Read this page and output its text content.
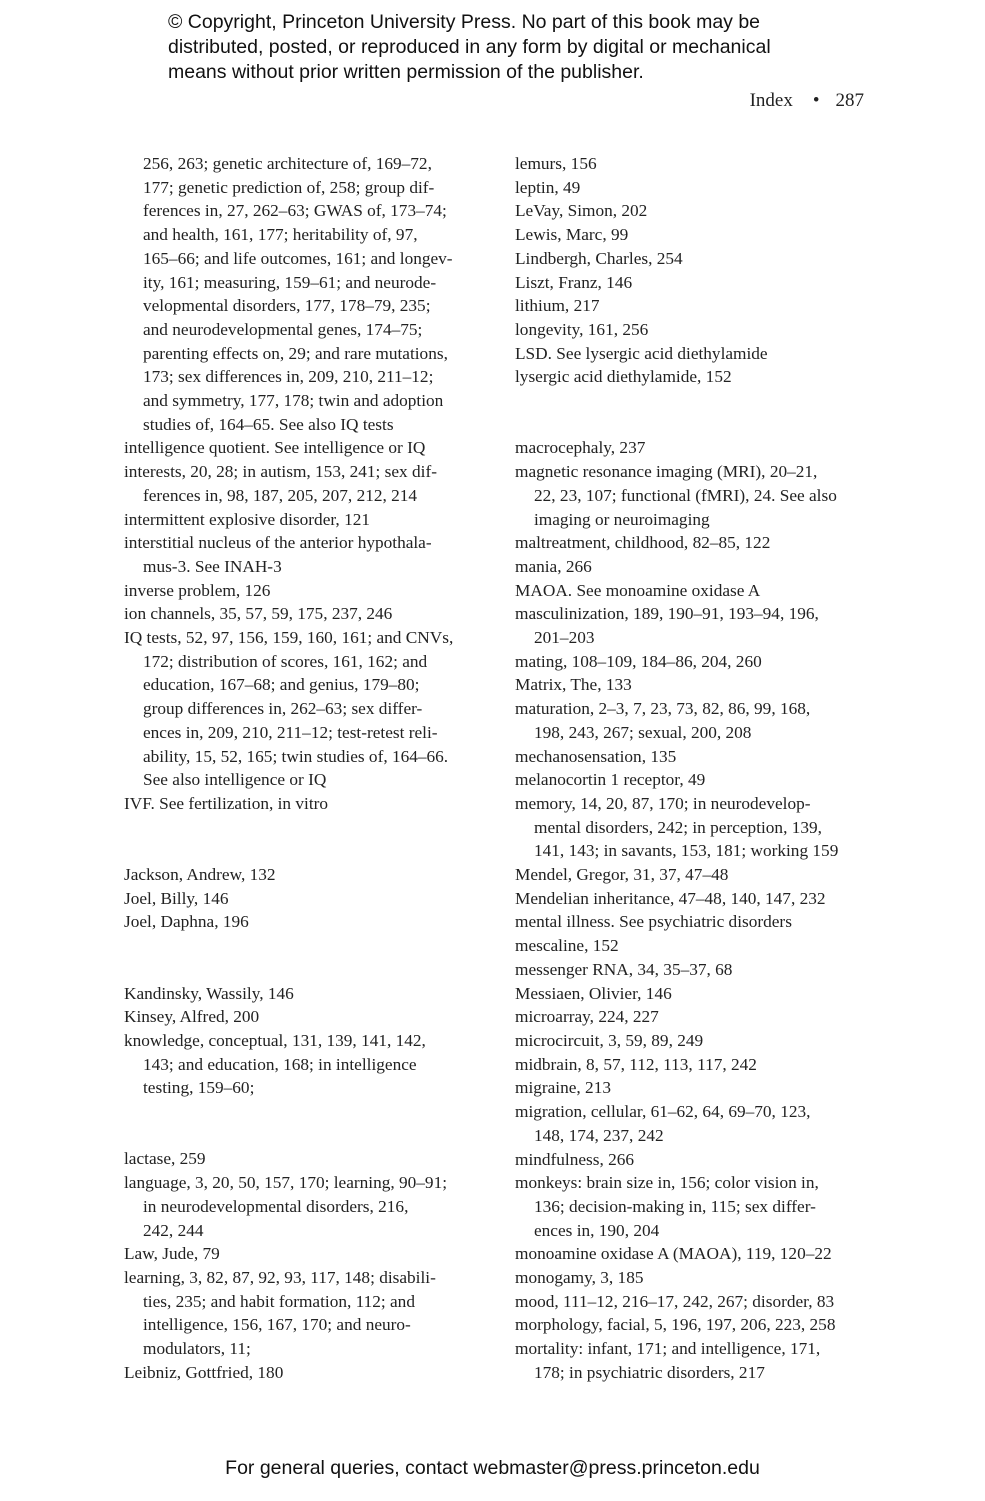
© Copyright, Princeton University Press. No part of this book may be
distributed, posted, or reproduced in any form by digital or mechanical
means without prior written permission of the publisher.
Index • 287
256, 263; genetic architecture of, 169–72,
177; genetic prediction of, 258; group dif-
ferences in, 27, 262–63; GWAS of, 173–74;
and health, 161, 177; heritability of, 97,
165–66; and life outcomes, 161; and longev-
ity, 161; measuring, 159–61; and neurode-
velopmental disorders, 177, 178–79, 235;
and neurodevelopmental genes, 174–75;
parenting effects on, 29; and rare mutations,
173; sex differences in, 209, 210, 211–12;
and symmetry, 177, 178; twin and adoption
studies of, 164–65. See also IQ tests
intelligence quotient. See intelligence or IQ
interests, 20, 28; in autism, 153, 241; sex dif-
ferences in, 98, 187, 205, 207, 212, 214
intermittent explosive disorder, 121
interstitial nucleus of the anterior hypothala-
mus-3. See INAH-3
inverse problem, 126
ion channels, 35, 57, 59, 175, 237, 246
IQ tests, 52, 97, 156, 159, 160, 161; and CNVs,
172; distribution of scores, 161, 162; and
education, 167–68; and genius, 179–80;
group differences in, 262–63; sex differ-
ences in, 209, 210, 211–12; test-retest reli-
ability, 15, 52, 165; twin studies of, 164–66.
See also intelligence or IQ
IVF. See fertilization, in vitro
Jackson, Andrew, 132
Joel, Billy, 146
Joel, Daphna, 196
Kandinsky, Wassily, 146
Kinsey, Alfred, 200
knowledge, conceptual, 131, 139, 141, 142,
143; and education, 168; in intelligence
testing, 159–60;
lactase, 259
language, 3, 20, 50, 157, 170; learning, 90–91;
in neurodevelopmental disorders, 216,
242, 244
Law, Jude, 79
learning, 3, 82, 87, 92, 93, 117, 148; disabili-
ties, 235; and habit formation, 112; and
intelligence, 156, 167, 170; and neuro-
modulators, 11;
Leibniz, Gottfried, 180
lemurs, 156
leptin, 49
LeVay, Simon, 202
Lewis, Marc, 99
Lindbergh, Charles, 254
Liszt, Franz, 146
lithium, 217
longevity, 161, 256
LSD. See lysergic acid diethylamide
lysergic acid diethylamide, 152
macrocephaly, 237
magnetic resonance imaging (MRI), 20–21,
22, 23, 107; functional (fMRI), 24. See also
imaging or neuroimaging
maltreatment, childhood, 82–85, 122
mania, 266
MAOA. See monoamine oxidase A
masculinization, 189, 190–91, 193–94, 196,
201–203
mating, 108–109, 184–86, 204, 260
Matrix, The, 133
maturation, 2–3, 7, 23, 73, 82, 86, 99, 168,
198, 243, 267; sexual, 200, 208
mechanosensation, 135
melanocortin 1 receptor, 49
memory, 14, 20, 87, 170; in neurodevelop-
mental disorders, 242; in perception, 139,
141, 143; in savants, 153, 181; working 159
Mendel, Gregor, 31, 37, 47–48
Mendelian inheritance, 47–48, 140, 147, 232
mental illness. See psychiatric disorders
mescaline, 152
messenger RNA, 34, 35–37, 68
Messiaen, Olivier, 146
microarray, 224, 227
microcircuit, 3, 59, 89, 249
midbrain, 8, 57, 112, 113, 117, 242
migraine, 213
migration, cellular, 61–62, 64, 69–70, 123,
148, 174, 237, 242
mindfulness, 266
monkeys: brain size in, 156; color vision in,
136; decision-making in, 115; sex differ-
ences in, 190, 204
monoamine oxidase A (MAOA), 119, 120–22
monogamy, 3, 185
mood, 111–12, 216–17, 242, 267; disorder, 83
morphology, facial, 5, 196, 197, 206, 223, 258
mortality: infant, 171; and intelligence, 171,
178; in psychiatric disorders, 217
For general queries, contact webmaster@press.princeton.edu
